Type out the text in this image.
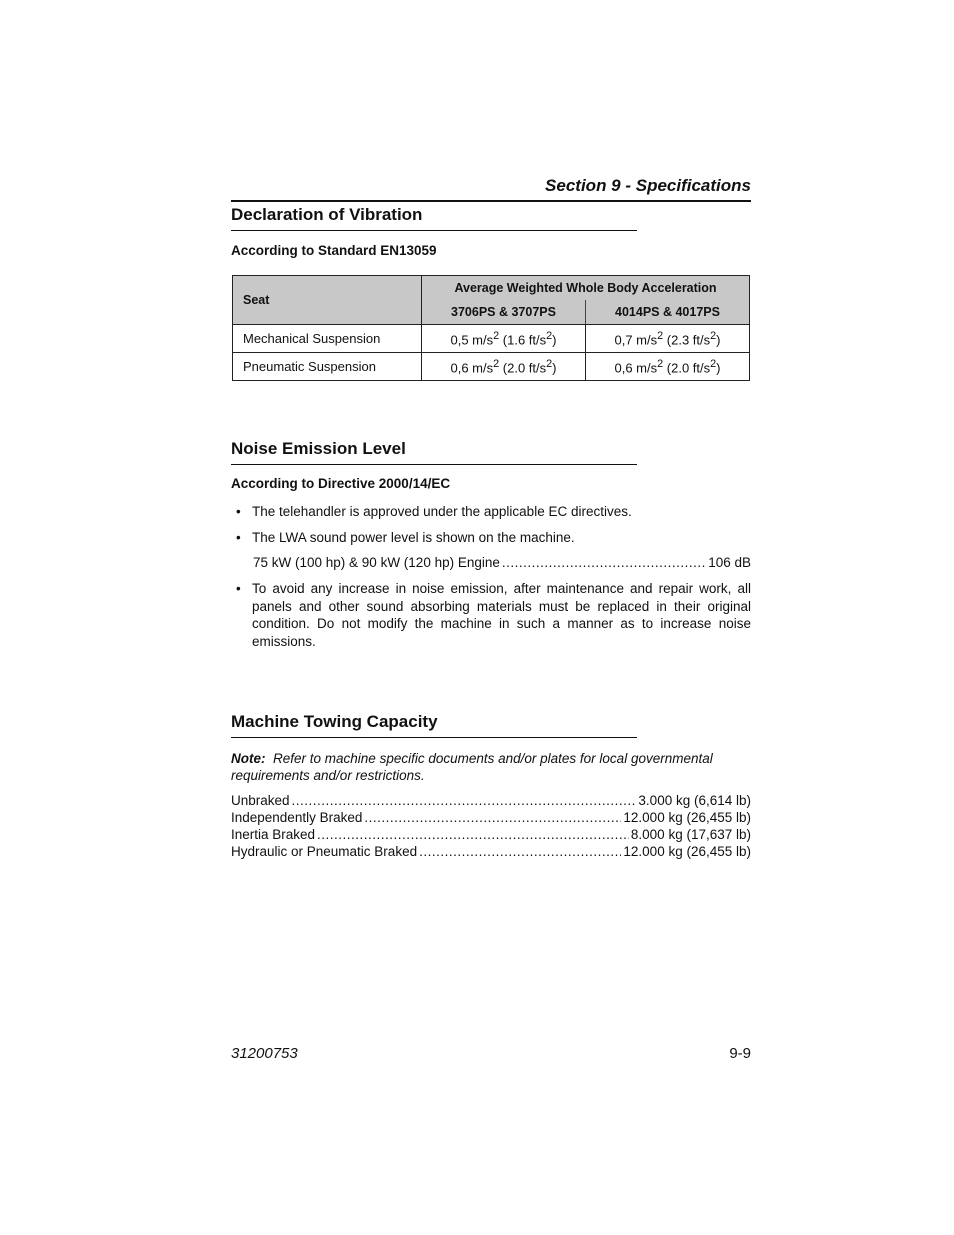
Section 9 - Specifications
Declaration of Vibration
According to Standard EN13059
Seat	Average Weighted Whole Body Acceleration	
	3706PS & 3707PS	4014PS & 4017PS
Mechanical Suspension	0,5 $m/s^2$ (1.6 $ft/s^2$)	0,7 $m/s^2$ (2.3 $ft/s^2$)
Pneumatic Suspension	0,6 $m/s^2$ (2.0 $ft/s^2$)	0,6 $m/s^2$ (2.0 $ft/s^2$)
Noise Emission Level
According to Directive 2000/14/EC
• The telehandler is approved under the applicable EC directives.
• The LWA sound power level is shown on the machine.
75 kW (100 hp) & 90 kW (120 hp) Engine .....	106 dB
• To avoid any increase in noise emission, after maintenance and repair work, all panels and other sound absorbing materials must be replaced in their original condition. Do not modify the machine in such a manner as to increase noise emissions.
Machine Towing Capacity
Note: Refer to machine specific documents and/or plates for local governmental requirements and/or restrictions.
Unbraked .....	3.000 kg (6,614 lb)
Independently Braked .....	12.000 kg (26,455 lb)
Inertia Braked .....	8.000 kg (17,637 lb)
Hydraulic or Pneumatic Braked .....	12.000 kg (26,455 lb)
31200753	9-9
